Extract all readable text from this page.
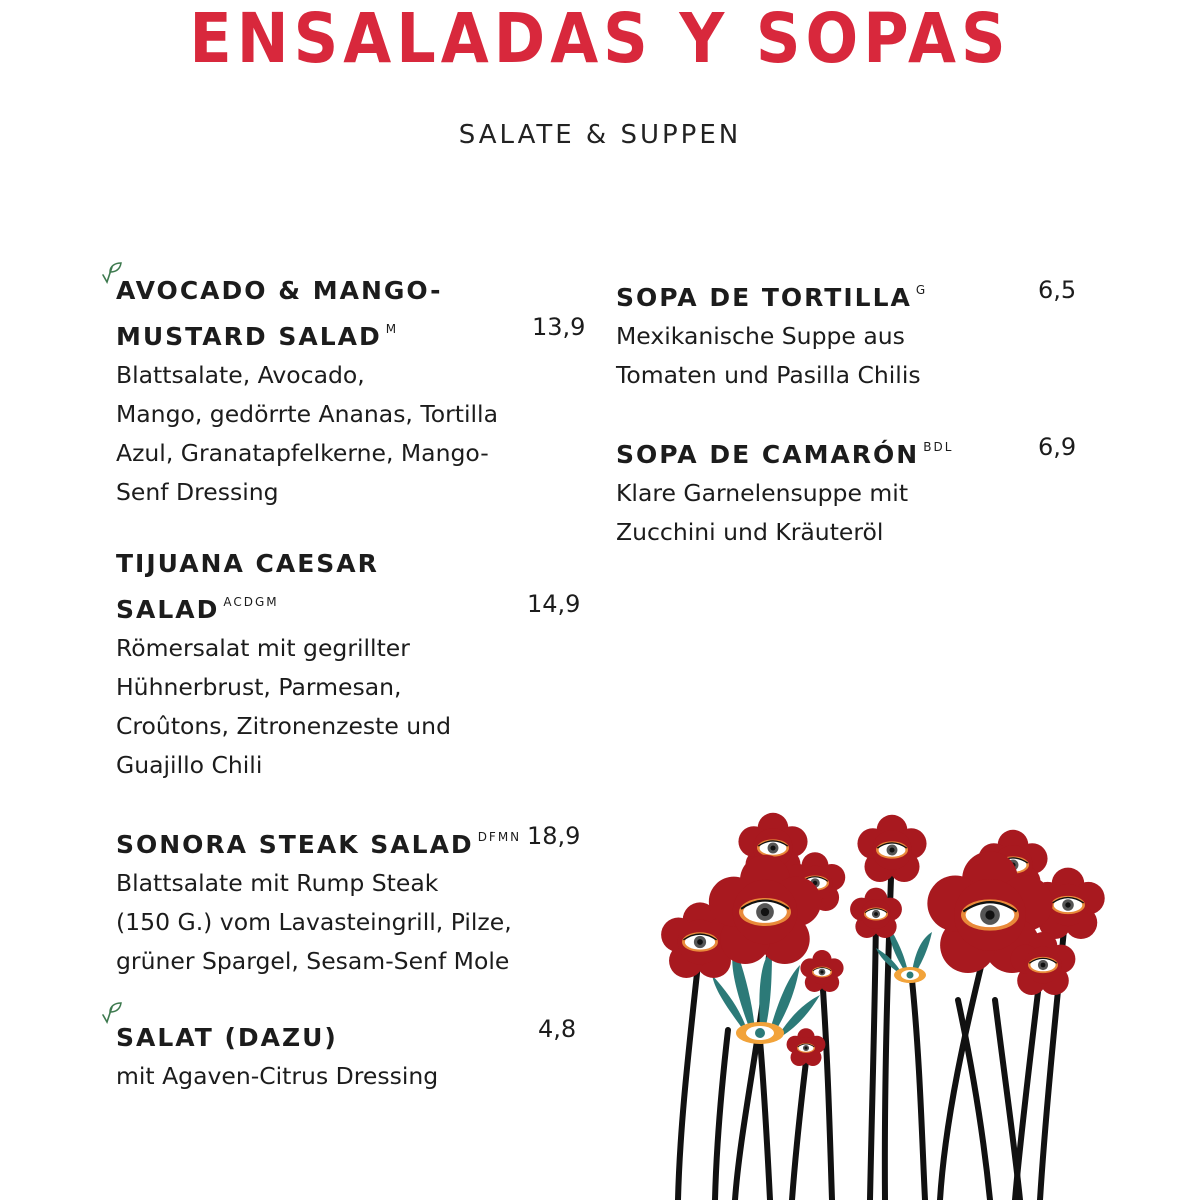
ENSALADAS Y SOPAS
SALATE & SUPPEN
AVOCADO & MANGO-
MUSTARD SALAD $^M$	13,9
Blattsalate, Avocado,
Mango, gedörrte Ananas, Tortilla
Azul, Granatapfelkerne, Mango-
Senf Dressing
TIJUANA CAESAR
SALAD $^{ACDGM}$	14,9
Römersalat mit gegrillter
Hühnerbrust, Parmesan,
Croûtons, Zitronenzeste und
Guajillo Chili
SONORA STEAK SALAD $^{DFMN}$ 18,9
Blattsalate mit Rump Steak
(150 G.) vom Lavasteingrill, Pilze,
grüner Spargel, Sesam-Senf Mole
SALAT (DAZU)	4,8
mit Agaven-Citrus Dressing
SOPA DE TORTILLA $^G$	6,5
Mexikanische Suppe aus
Tomaten und Pasilla Chilis
SOPA DE CAMARÓN $^{BDL}$	6,9
Klare Garnelensuppe mit
Zucchini und Kräuteröl
